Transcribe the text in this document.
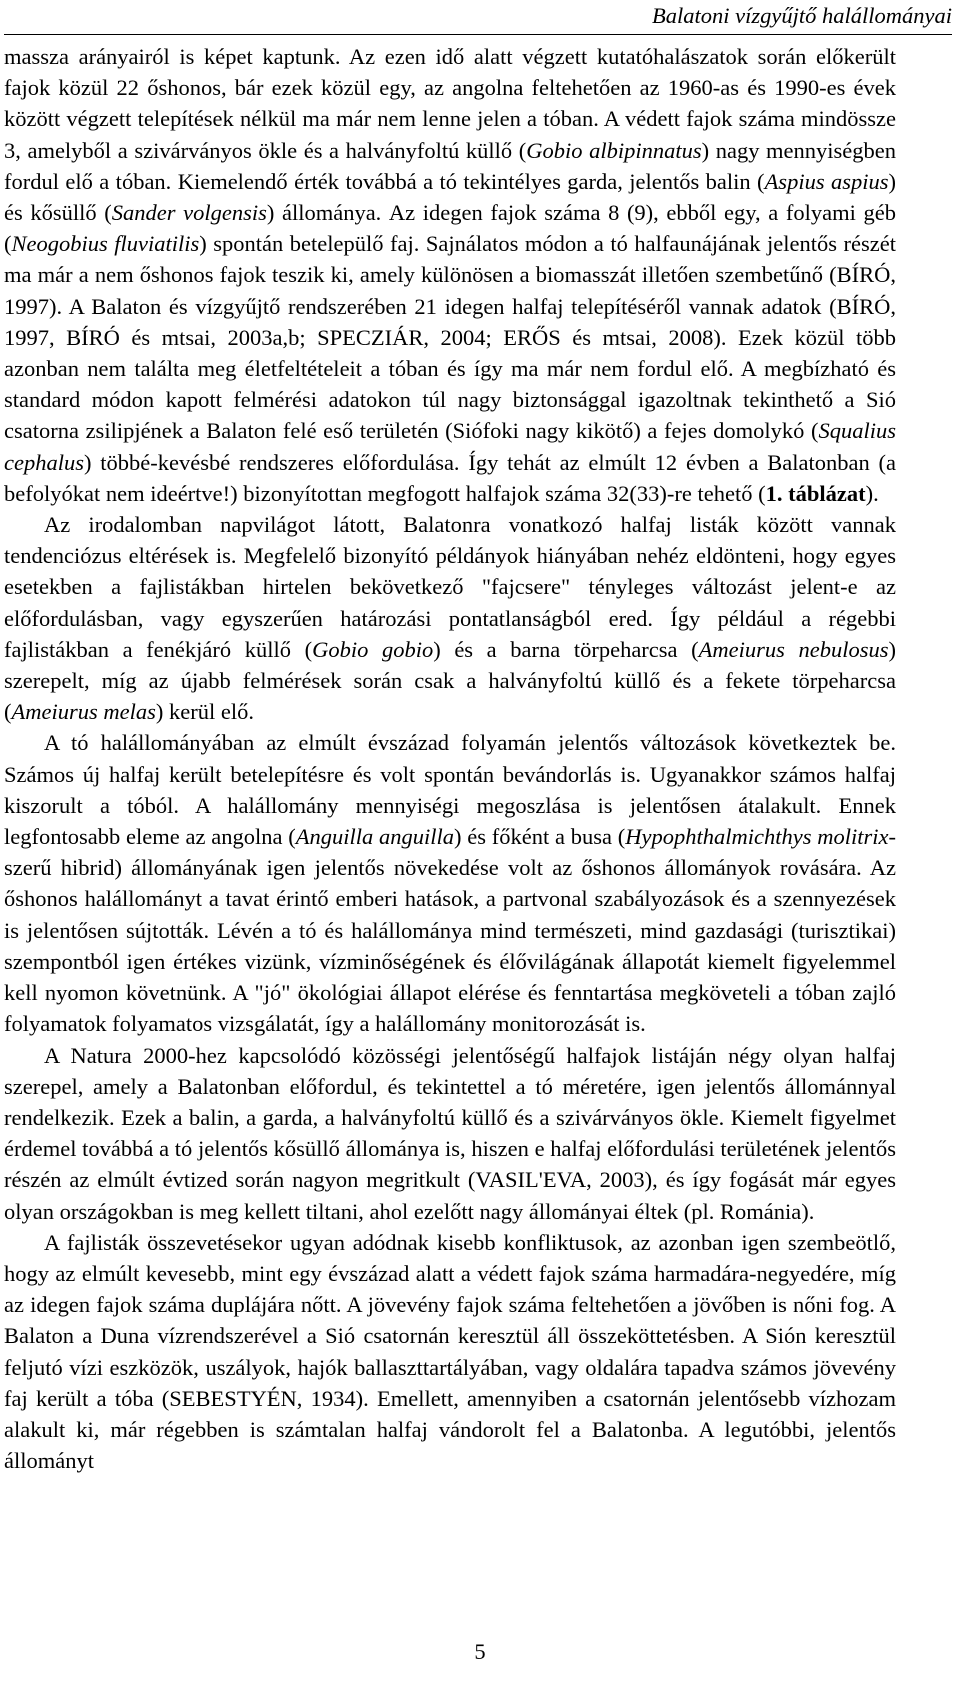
Balatoni vízgyűjtő halállományai

massza arányairól is képet kaptunk. Az ezen idő alatt végzett kutatóhalászatok során előkerült fajok közül 22 őshonos, bár ezek közül egy, az angolna feltehetően az 1960-as és 1990-es évek között végzett telepítések nélkül ma már nem lenne jelen a tóban. A védett fajok száma mindössze 3, amelyből a szivárványos ökle és a halványfoltú küllő (Gobio albipinnatus) nagy mennyiségben fordul elő a tóban. Kiemelendő érték továbbá a tó tekintélyes garda, jelentős balin (Aspius aspius) és kősüllő (Sander volgensis) állományа. Az idegen fajok száma 8 (9), ebből egy, a folyami géb (Neogobius fluviatilis) spontán betelepülő faj. Sajnálatos módon a tó halfaunájának jelentős részét ma már a nem őshonos fajok teszik ki, amely különösen a biomasszát illetően szembetűnő (BÍRÓ, 1997). A Balaton és vízgyűjtő rendszerében 21 idegen halfaj telepítéséről vannak adatok (BÍRÓ, 1997, BÍRÓ és mtsai, 2003a,b; SPECZIÁR, 2004; ERŐS és mtsai, 2008). Ezek közül több azonban nem találta meg életfeltételeit a tóban és így ma már nem fordul elő. A megbízható és standard módon kapott felmérési adatokon túl nagy biztonsággal igazoltnak tekinthető a Sió csatorna zsilipjének a Balaton felé eső területén (Siófoki nagy kikötő) a fejes domolykó (Squalius cephalus) többé-kevésbé rendszeres előfordulása. Így tehát az elmúlt 12 évben a Balatonban (a befolyókat nem ideértve!) bizonyítottan megfogott halfajok száma 32(33)-re tehető (1. táblázat).

Az irodalomban napvilágot látott, Balatonra vonatkozó halfaj listák között vannak tendenciózus eltérések is. Megfelelő bizonyító példányok hiányában nehéz eldönteni, hogy egyes esetekben a fajlistákban hirtelen bekövetkező "fajcsere" tényleges változást jelent-e az előfordulásban, vagy egyszerűen határozási pontatlanságból ered. Így például a régebbi fajlistákban a fenékjáró küllő (Gobio gobio) és a barna törpeharcsa (Ameiurus nebulosus) szerepelt, míg az újabb felmérések során csak a halványfoltú küllő és a fekete törpeharcsa (Ameiurus melas) kerül elő.

A tó halállományában az elmúlt évszázad folyamán jelentős változások következtek be. Számos új halfaj került betelepítésre és volt spontán bevándorlás is. Ugyanakkor számos halfaj kiszorult a tóból. A halállomány mennyiségi megoszlása is jelentősen átalakult. Ennek legfontosabb eleme az angolna (Anguilla anguilla) és főként a busa (Hypophthalmichthys molitrix-szerű hibrid) állományának igen jelentős növekedése volt az őshonos állományok rovására. Az őshonos halállományt a tavat érintő emberi hatások, a partvonal szabályozások és a szennyezések is jelentősen sújtották. Lévén a tó és halállománya mind természeti, mind gazdasági (turisztikai) szempontból igen értékes vizünk, vízminőségének és élővilágának állapotát kiemelt figyelemmel kell nyomon követnünk. A "jó" ökológiai állapot elérése és fenntartása megköveteli a tóban zajló folyamatok folyamatos vizsgálatát, így a halállomány monitorozását is.

A Natura 2000-hez kapcsolódó közösségi jelentőségű halfajok listáján négy olyan halfaj szerepel, amely a Balatonban előfordul, és tekintettel a tó méretére, igen jelentős állománnyal rendelkezik. Ezek a balin, a garda, a halványfoltú küllő és a szivárványos ökle. Kiemelt figyelmet érdemel továbbá a tó jelentős kősüllő állománya is, hiszen e halfaj előfordulási területének jelentős részén az elmúlt évtized során nagyon megritkult (VASIL'EVA, 2003), és így fogását már egyes olyan országokban is meg kellett tiltani, ahol ezelőtt nagy állományai éltek (pl. Románia).

A fajlisták összevetésekor ugyan adódnak kisebb konfliktusok, az azonban igen szembeötlő, hogy az elmúlt kevesebb, mint egy évszázad alatt a védett fajok száma harmadára-negyedére, míg az idegen fajok száma duplájára nőtt. A jövevény fajok száma feltehetően a jövőben is nőni fog. A Balaton a Duna vízrendszerével a Sió csatornán keresztül áll összeköttetésben. A Sión keresztül feljutó vízi eszközök, uszályok, hajók ballaszttartályában, vagy oldalára tapadva számos jövevény faj került a tóba (SEBESTYÉN, 1934). Emellett, amennyiben a csatornán jelentősebb vízhozam alakult ki, már régebben is számtalan halfaj vándorolt fel a Balatonba. A legutóbbi, jelentős állományt

5
